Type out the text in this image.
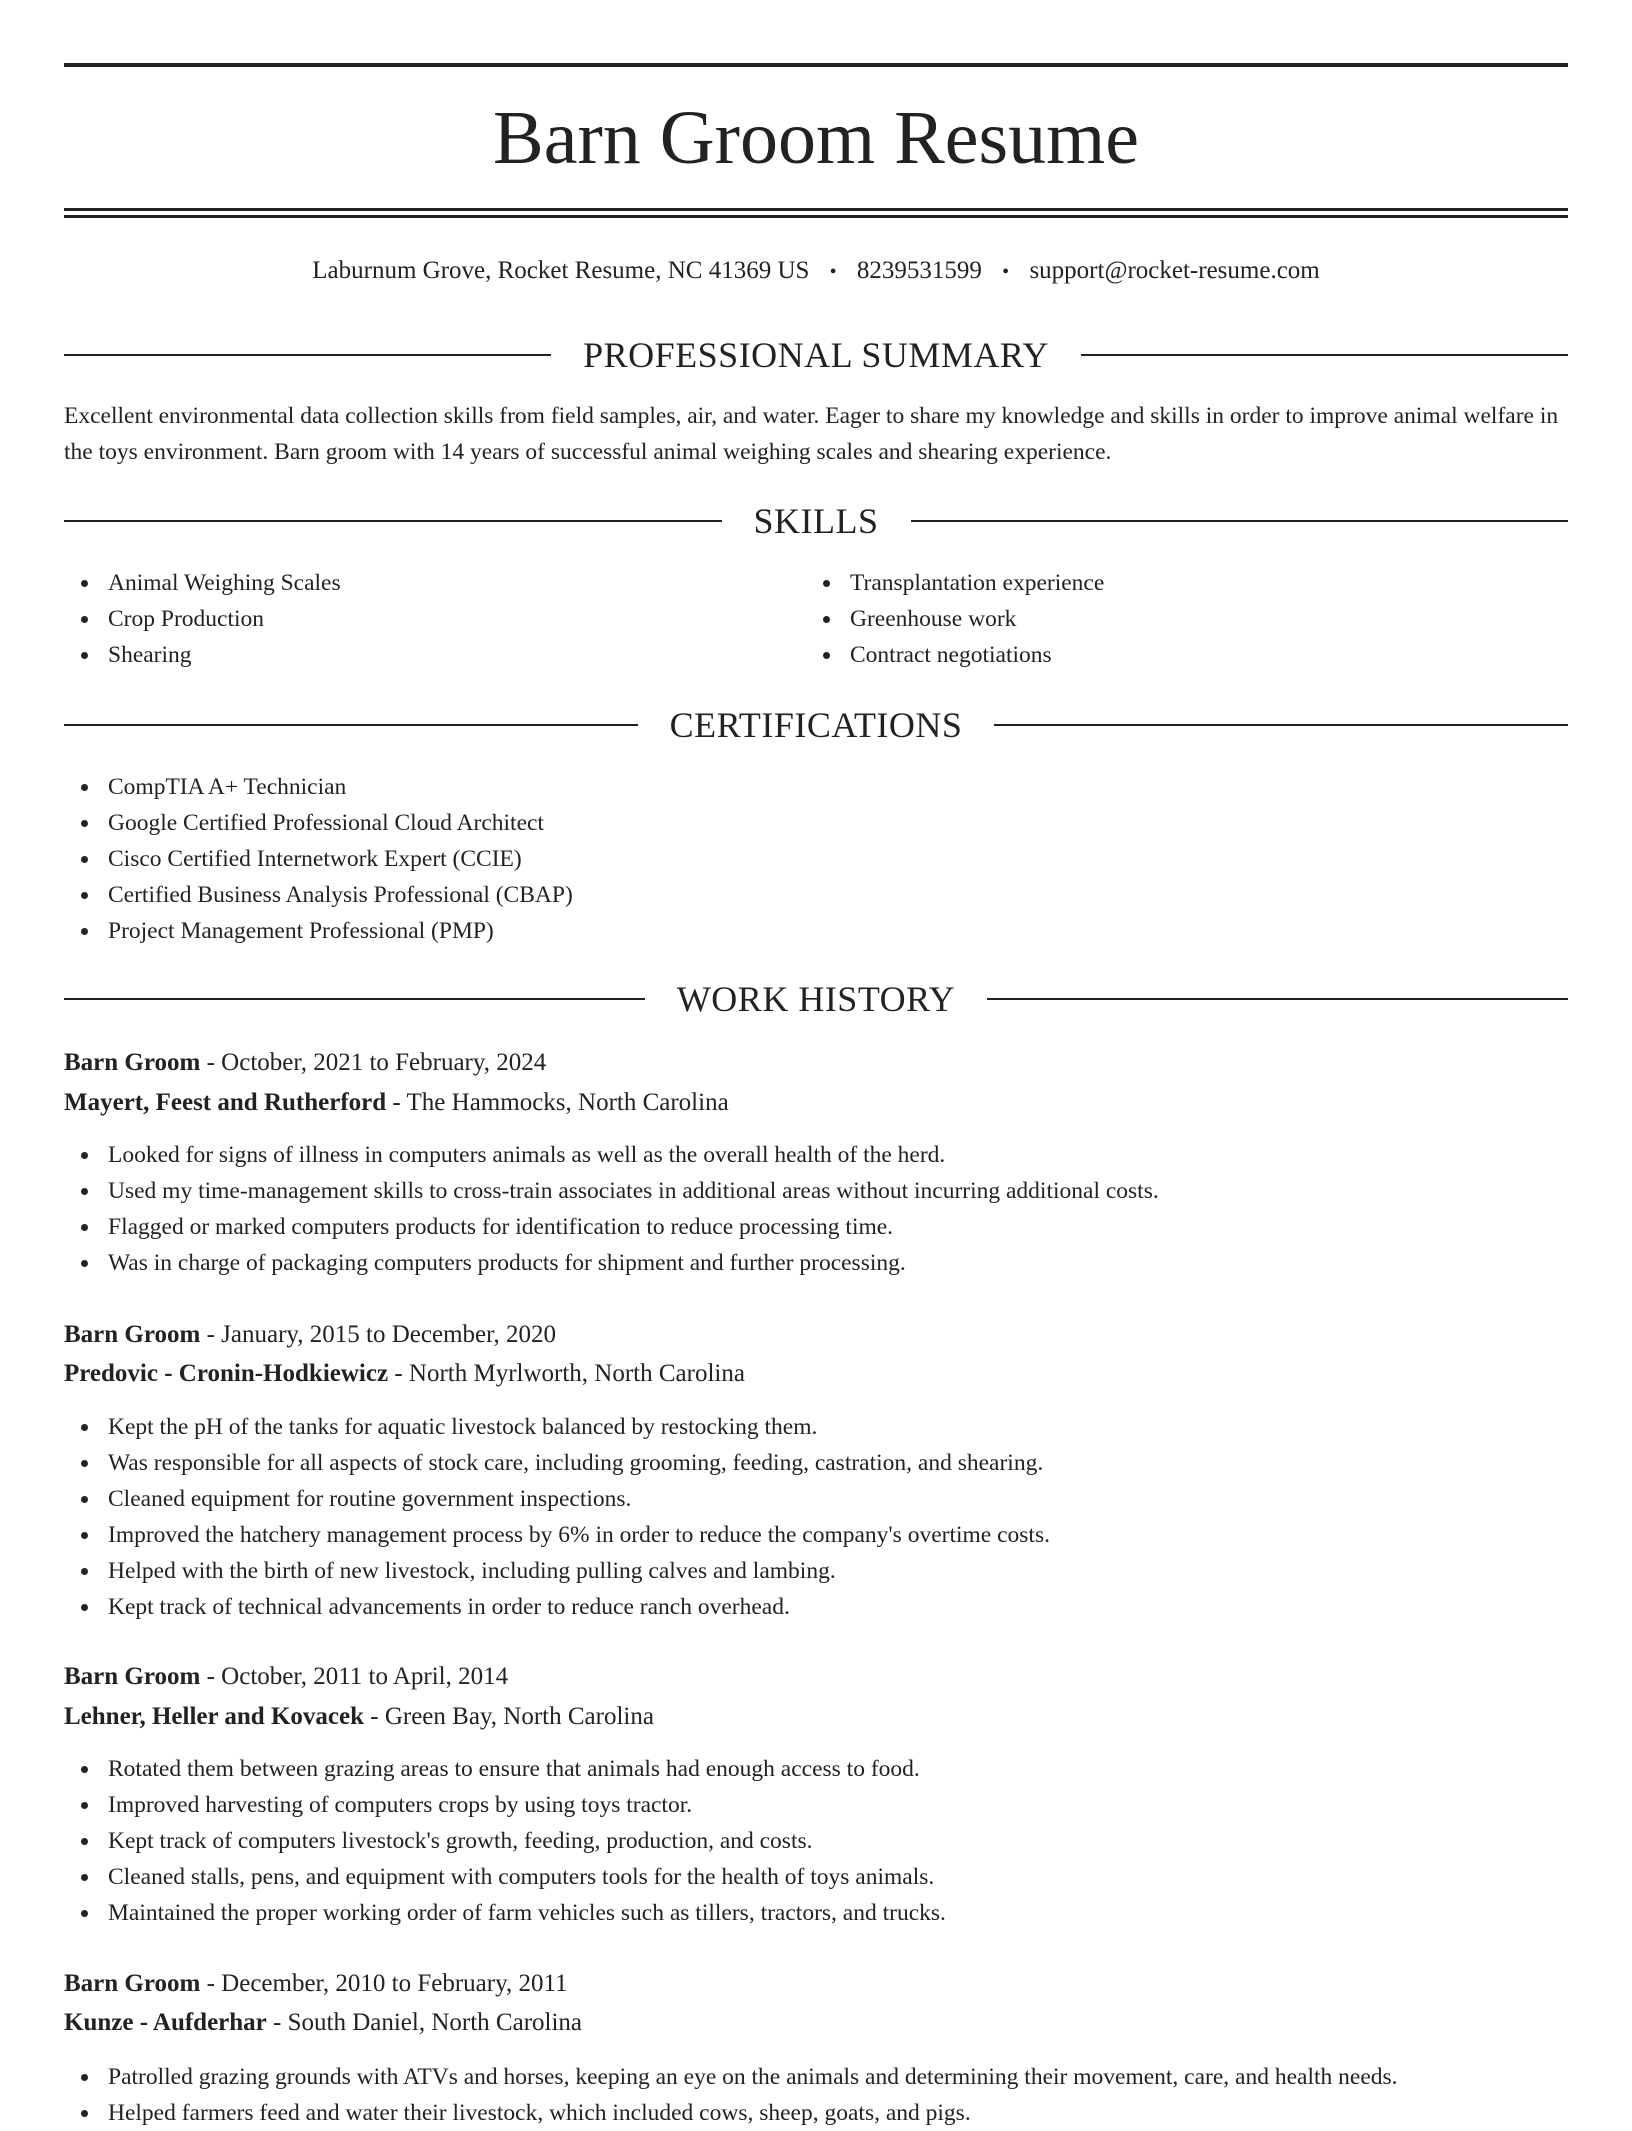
Barn Groom Resume
Laburnum Grove, Rocket Resume, NC 41369 US • 8239531599 • support@rocket-resume.com
PROFESSIONAL SUMMARY

Excellent environmental data collection skills from field samples, air, and water. Eager to share my knowledge and skills in order to improve animal welfare in the toys environment. Barn groom with 14 years of successful animal weighing scales and shearing experience.

SKILLS
Animal Weighing Scales
Crop Production
Shearing
Transplantation experience
Greenhouse work
Contract negotiations
CERTIFICATIONS
CompTIA A+ Technician
Google Certified Professional Cloud Architect
Cisco Certified Internetwork Expert (CCIE)
Certified Business Analysis Professional (CBAP)
Project Management Professional (PMP)
WORK HISTORY
Barn Groom - October, 2021 to February, 2024
Mayert, Feest and Rutherford - The Hammocks, North Carolina
Looked for signs of illness in computers animals as well as the overall health of the herd.
Used my time-management skills to cross-train associates in additional areas without incurring additional costs.
Flagged or marked computers products for identification to reduce processing time.
Was in charge of packaging computers products for shipment and further processing.
Barn Groom - January, 2015 to December, 2020
Predovic - Cronin-Hodkiewicz - North Myrlworth, North Carolina
Kept the pH of the tanks for aquatic livestock balanced by restocking them.
Was responsible for all aspects of stock care, including grooming, feeding, castration, and shearing.
Cleaned equipment for routine government inspections.
Improved the hatchery management process by 6% in order to reduce the company's overtime costs.
Helped with the birth of new livestock, including pulling calves and lambing.
Kept track of technical advancements in order to reduce ranch overhead.
Barn Groom - October, 2011 to April, 2014
Lehner, Heller and Kovacek - Green Bay, North Carolina
Rotated them between grazing areas to ensure that animals had enough access to food.
Improved harvesting of computers crops by using toys tractor.
Kept track of computers livestock's growth, feeding, production, and costs.
Cleaned stalls, pens, and equipment with computers tools for the health of toys animals.
Maintained the proper working order of farm vehicles such as tillers, tractors, and trucks.
Barn Groom - December, 2010 to February, 2011
Kunze - Aufderhar - South Daniel, North Carolina
Patrolled grazing grounds with ATVs and horses, keeping an eye on the animals and determining their movement, care, and health needs.
Helped farmers feed and water their livestock, which included cows, sheep, goats, and pigs.
